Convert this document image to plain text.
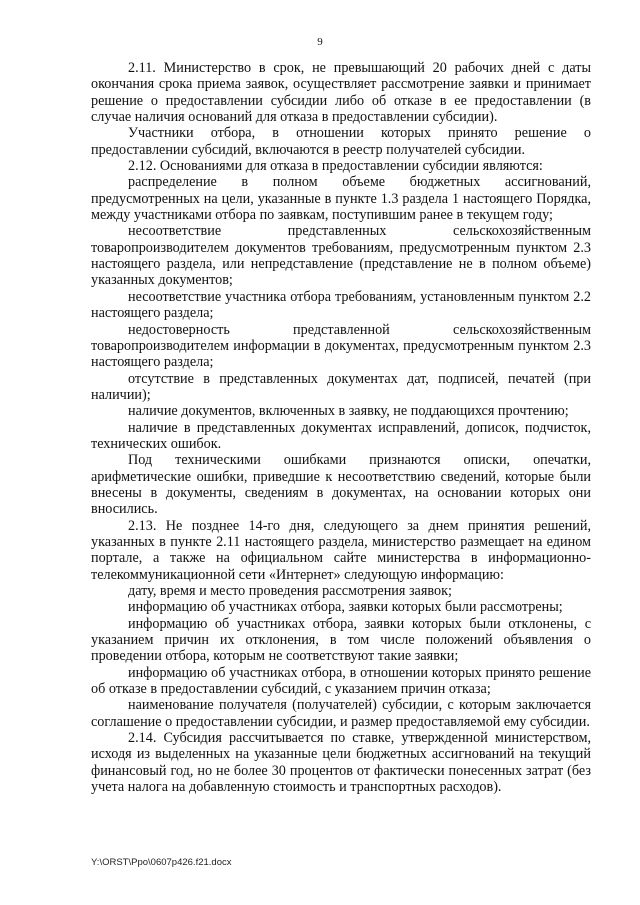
9

2.11. Министерство в срок, не превышающий 20 рабочих дней с даты окончания срока приема заявок, осуществляет рассмотрение заявки и принимает решение о предоставлении субсидии либо об отказе в ее предоставлении (в случае наличия оснований для отказа в предоставлении субсидии).

Участники отбора, в отношении которых принято решение о предоставлении субсидий, включаются в реестр получателей субсидии.

2.12. Основаниями для отказа в предоставлении субсидии являются:

распределение в полном объеме бюджетных ассигнований, предусмотренных на цели, указанные в пункте 1.3 раздела 1 настоящего Порядка, между участниками отбора по заявкам, поступившим ранее в текущем году;

несоответствие представленных сельскохозяйственным товаропроизводителем документов требованиям, предусмотренным пунктом 2.3 настоящего раздела, или непредставление (представление не в полном объеме) указанных документов;

несоответствие участника отбора требованиям, установленным пунктом 2.2 настоящего раздела;

недостоверность представленной сельскохозяйственным товаропроизводителем информации в документах, предусмотренным пунктом 2.3 настоящего раздела;

отсутствие в представленных документах дат, подписей, печатей (при наличии);

наличие документов, включенных в заявку, не поддающихся прочтению;

наличие в представленных документах исправлений, дописок, подчисток, технических ошибок.

Под техническими ошибками признаются описки, опечатки, арифметические ошибки, приведшие к несоответствию сведений, которые были внесены в документы, сведениям в документах, на основании которых они вносились.

2.13. Не позднее 14-го дня, следующего за днем принятия решений, указанных в пункте 2.11 настоящего раздела, министерство размещает на едином портале, а также на официальном сайте министерства в информационно-телекоммуникационной сети «Интернет» следующую информацию:

дату, время и место проведения рассмотрения заявок;

информацию об участниках отбора, заявки которых были рассмотрены;

информацию об участниках отбора, заявки которых были отклонены, с указанием причин их отклонения, в том числе положений объявления о проведении отбора, которым не соответствуют такие заявки;

информацию об участниках отбора, в отношении которых принято решение об отказе в предоставлении субсидий, с указанием причин отказа;

наименование получателя (получателей) субсидии, с которым заключается соглашение о предоставлении субсидии, и размер предоставляемой ему субсидии.

2.14. Субсидия рассчитывается по ставке, утвержденной министерством, исходя из выделенных на указанные цели бюджетных ассигнований на текущий финансовый год, но не более 30 процентов от фактически понесенных затрат (без учета налога на добавленную стоимость и транспортных расходов).

Y:\ORST\Ppo\0607p426.f21.docx
